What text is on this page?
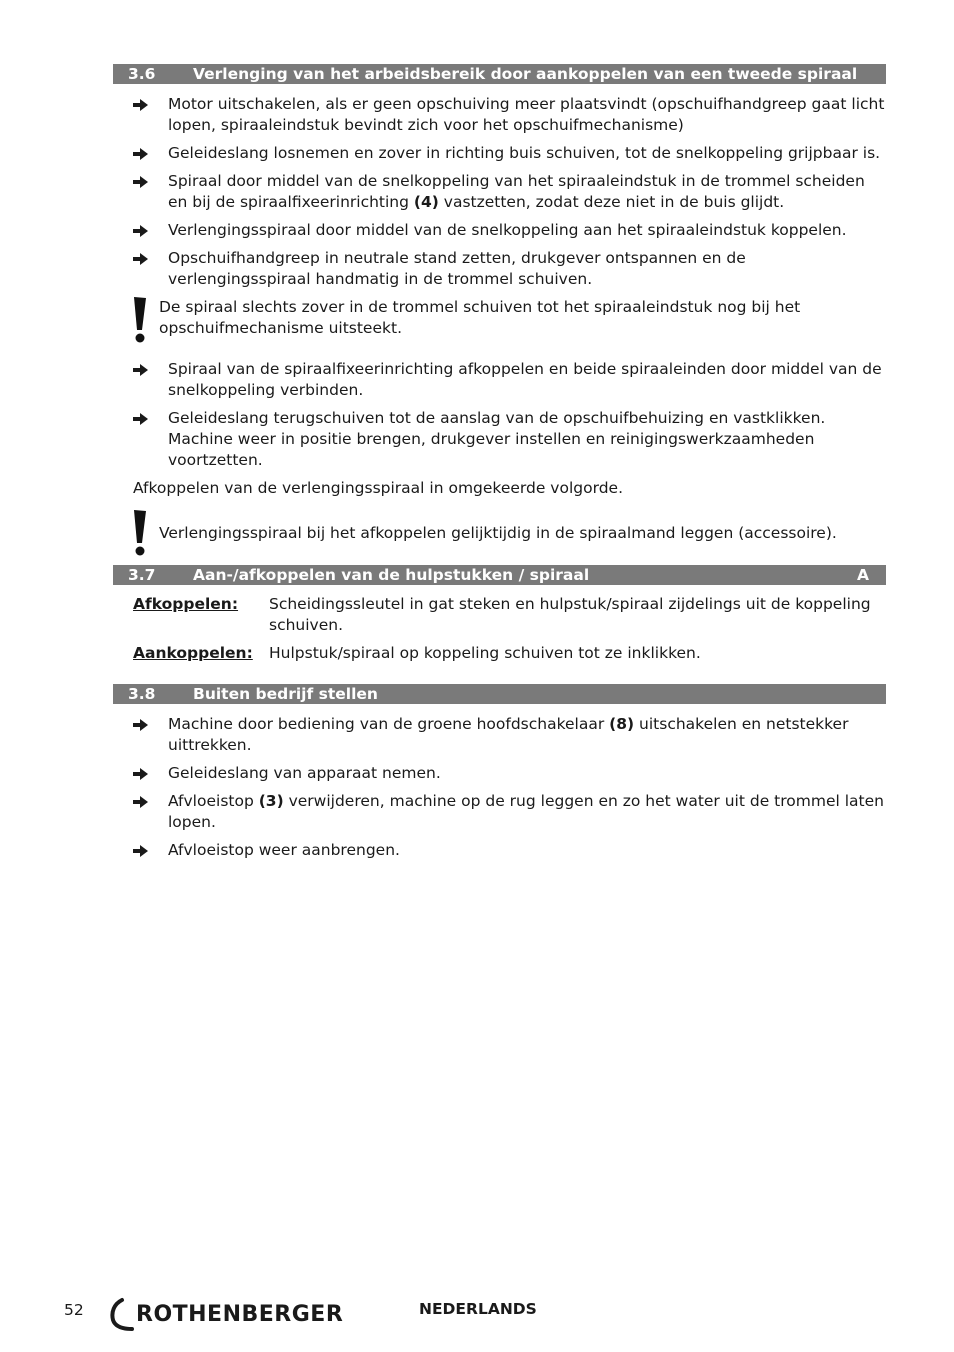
3.6	Verlenging van het arbeidsbereik door aankoppelen van een tweede spiraal
Motor uitschakelen, als er geen opschuiving meer plaatsvindt (opschuifhandgreep gaat licht lopen, spiraaleindstuk bevindt zich voor het opschuifmechanisme)
Geleideslang losnemen en zover in richting buis schuiven, tot de snelkoppeling grijpbaar is.
Spiraal door middel van de snelkoppeling van het spiraaleindstuk in de trommel scheiden en bij de spiraalfixeerinrichting (4) vastzetten, zodat deze niet in de buis glijdt.
Verlengingsspiraal door middel van de snelkoppeling aan het spiraaleindstuk koppelen.
Opschuifhandgreep in neutrale stand zetten, drukgever ontspannen en de verlengingsspiraal handmatig in de trommel schuiven.
De spiraal slechts zover in de trommel schuiven tot het spiraaleindstuk nog bij het opschuifmechanisme uitsteekt.
Spiraal van de spiraalfixeerinrichting afkoppelen en beide spiraaleinden door middel van de snelkoppeling verbinden.
Geleideslang terugschuiven tot de aanslag van de opschuifbehuizing en vastklikken. Machine weer in positie brengen, drukgever instellen en reinigingswerkzaamheden voortzetten.
Afkoppelen van de verlengingsspiraal in omgekeerde volgorde.
Verlengingsspiraal bij het afkoppelen gelijktijdig in de spiraalmand leggen (accessoire).
3.7	Aan-/afkoppelen van de hulpstukken / spiraal	A
Afkoppelen:	Scheidingssleutel in gat steken en hulpstuk/spiraal zijdelings uit de koppeling schuiven.
Aankoppelen:	Hulpstuk/spiraal op koppeling schuiven tot ze inklikken.
3.8	Buiten bedrijf stellen
Machine door bediening van de groene hoofdschakelaar (8) uitschakelen en netstekker uittrekken.
Geleideslang van apparaat nemen.
Afvloeistop (3) verwijderen, machine op de rug leggen en zo het water uit de trommel laten lopen.
Afvloeistop weer aanbrengen.
52 ROTHENBERGER	NEDERLANDS
